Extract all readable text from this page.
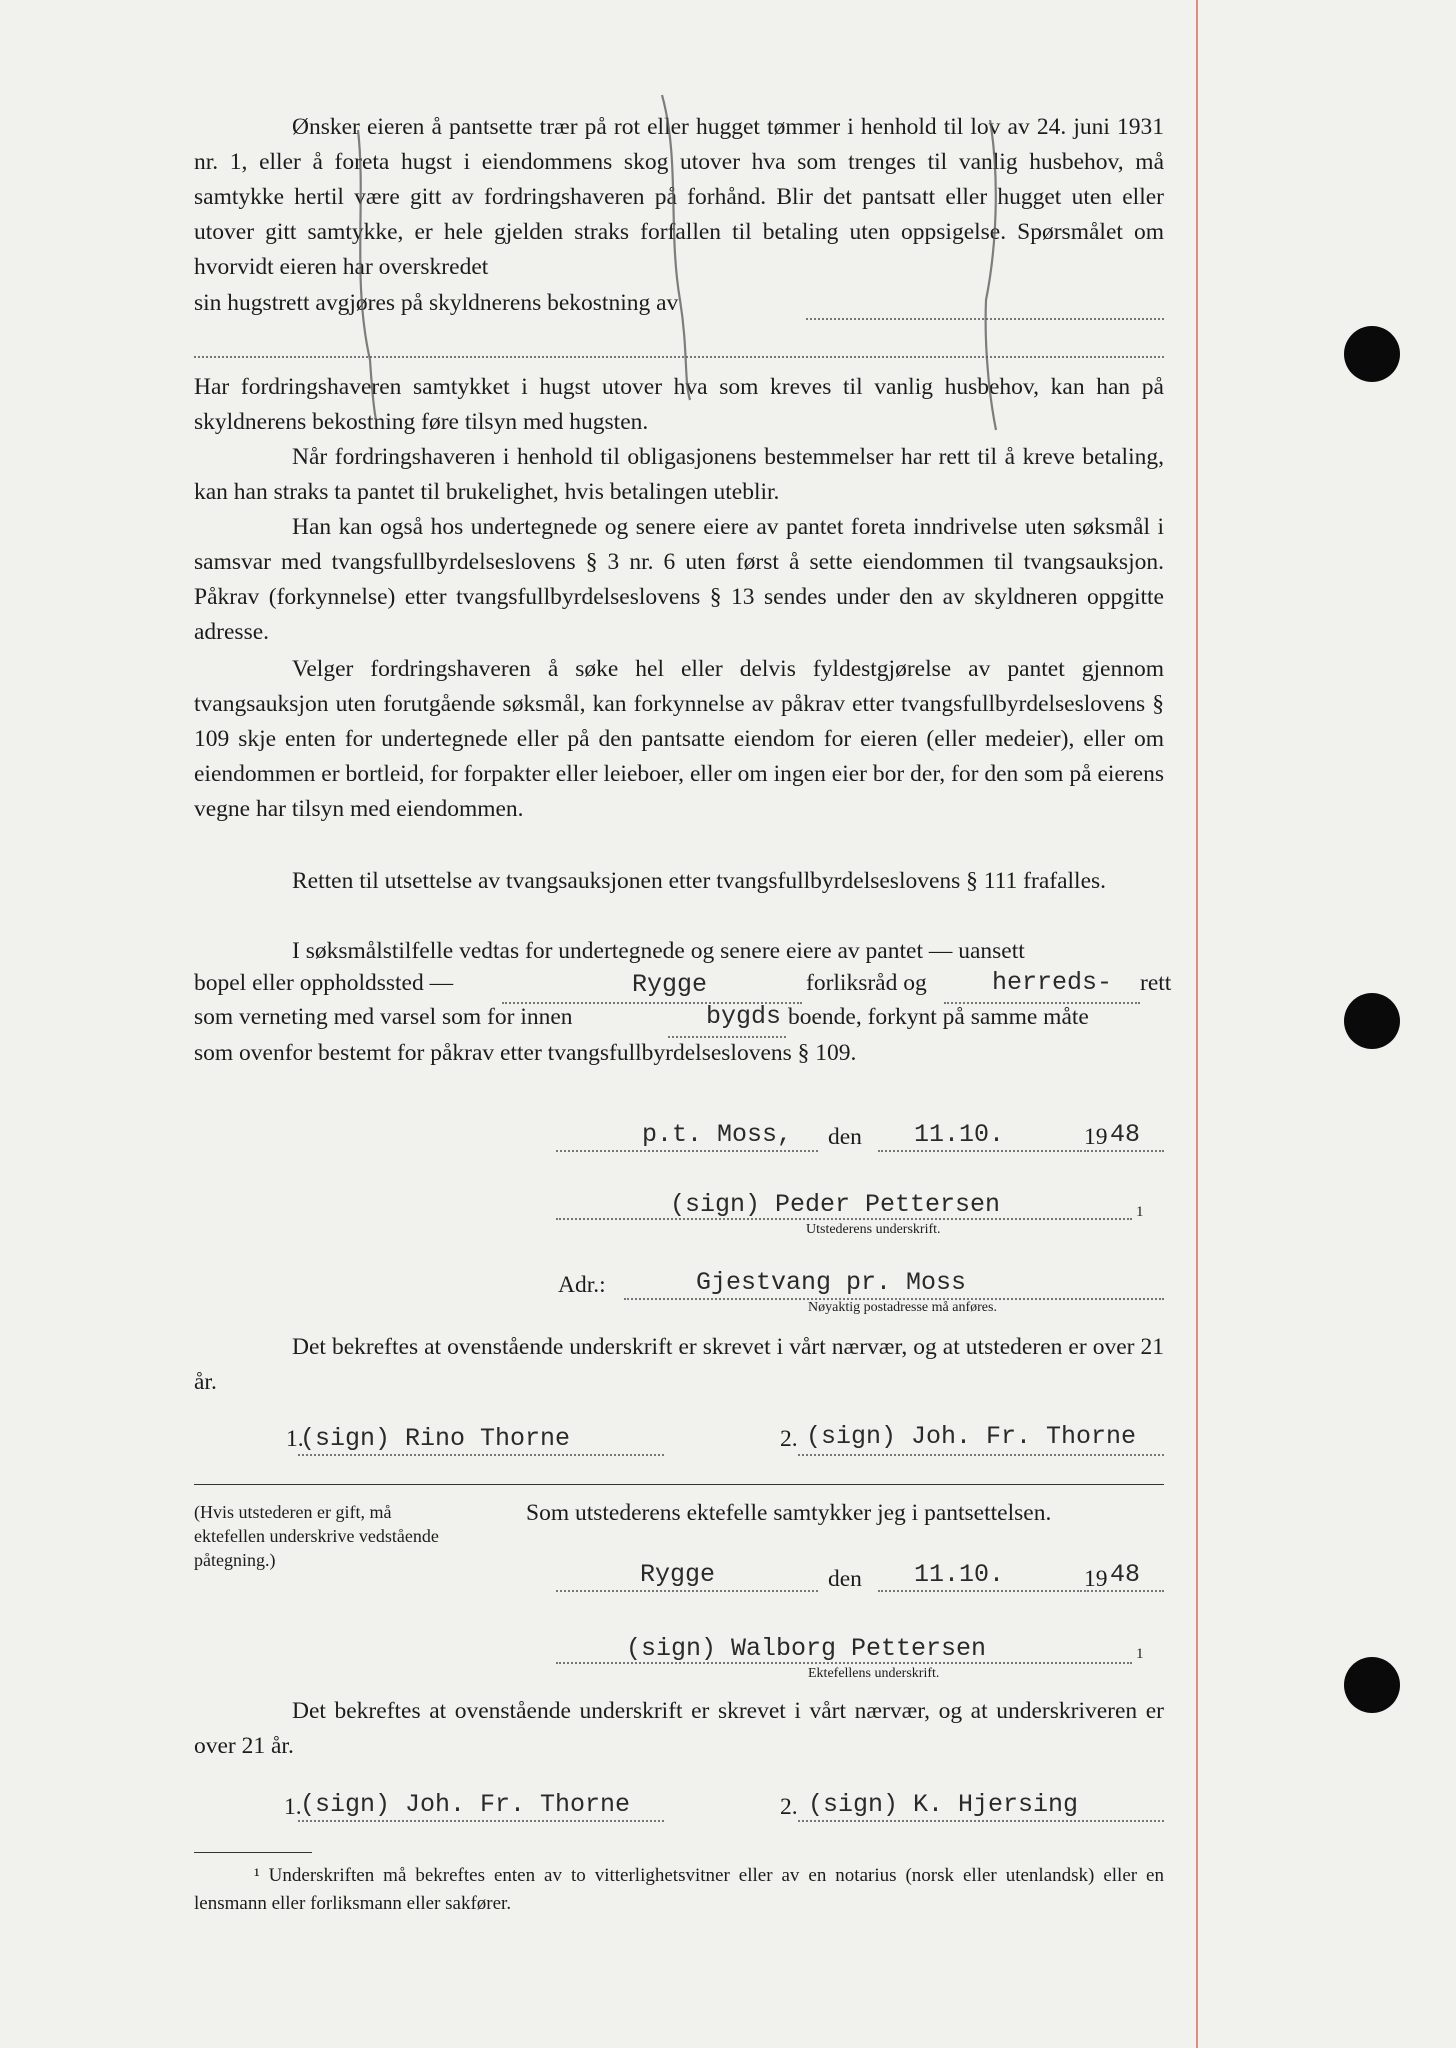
Ønsker eieren å pantsette trær på rot eller hugget tømmer i henhold til lov av 24. juni 1931 nr. 1, eller å foreta hugst i eiendommens skog utover hva som trenges til vanlig husbehov, må samtykke hertil være gitt av fordringshaveren på forhånd. Blir det pantsatt eller hugget uten eller utover gitt samtykke, er hele gjelden straks forfallen til betaling uten oppsigelse. Spørsmålet om hvorvidt eieren har overskredet

sin hugstrett avgjøres på skyldnerens bekostning av

Har fordringshaveren samtykket i hugst utover hva som kreves til vanlig husbehov, kan han på skyldnerens bekostning føre tilsyn med hugsten.

Når fordringshaveren i henhold til obligasjonens bestemmelser har rett til å kreve betaling, kan han straks ta pantet til brukelighet, hvis betalingen uteblir.

Han kan også hos undertegnede og senere eiere av pantet foreta inndrivelse uten søksmål i samsvar med tvangsfullbyrdelseslovens § 3 nr. 6 uten først å sette eiendommen til tvangsauksjon. Påkrav (forkynnelse) etter tvangsfullbyrdelseslovens § 13 sendes under den av skyldneren oppgitte adresse.

Velger fordringshaveren å søke hel eller delvis fyldestgjørelse av pantet gjennom tvangsauksjon uten forutgående søksmål, kan forkynnelse av påkrav etter tvangsfullbyrdelseslovens § 109 skje enten for undertegnede eller på den pantsatte eiendom for eieren (eller medeier), eller om eiendommen er bortleid, for forpakter eller leieboer, eller om ingen eier bor der, for den som på eierens vegne har tilsyn med eiendommen.

Retten til utsettelse av tvangsauksjonen etter tvangsfullbyrdelseslovens § 111 frafalles.

I søksmålstilfelle vedtas for undertegnede og senere eiere av pantet — uansett

bopel eller oppholdssted —	Rygge	forliksråd og	herreds- rett
som verneting med varsel som for innen	bygds boende, forkynt på samme måte
som ovenfor bestemt for påkrav etter tvangsfullbyrdelseslovens § 109.
p.t. Moss, den 11.10.	19 48
(sign) Peder Pettersen	1
Utstederens underskrift.
Adr.:	Gjestvang pr. Moss
Nøyaktig postadresse må anføres.

Det bekreftes at ovenstående underskrift er skrevet i vårt nærvær, og at utstederen er over 21 år.

1.
(sign) Rino Thorne	2. (sign) Joh. Fr. Thorne
(Hvis utstederen er gift, må ektefellen underskrive vedstående påtegning.)
Som utstederens ektefelle samtykker jeg i pantsettelsen.
Rygge	den 11.10.	19 48
(sign) Walborg Pettersen	1
Ektefellens underskrift.

Det bekreftes at ovenstående underskrift er skrevet i vårt nærvær, og at underskriveren er over 21 år.

1.
(sign) Joh. Fr. Thorne	2. (sign) K. Hjersing
¹ Underskriften må bekreftes enten av to vitterlighetsvitner eller av en notarius (norsk eller utenlandsk) eller en lensmann eller forliksmann eller sakfører.
